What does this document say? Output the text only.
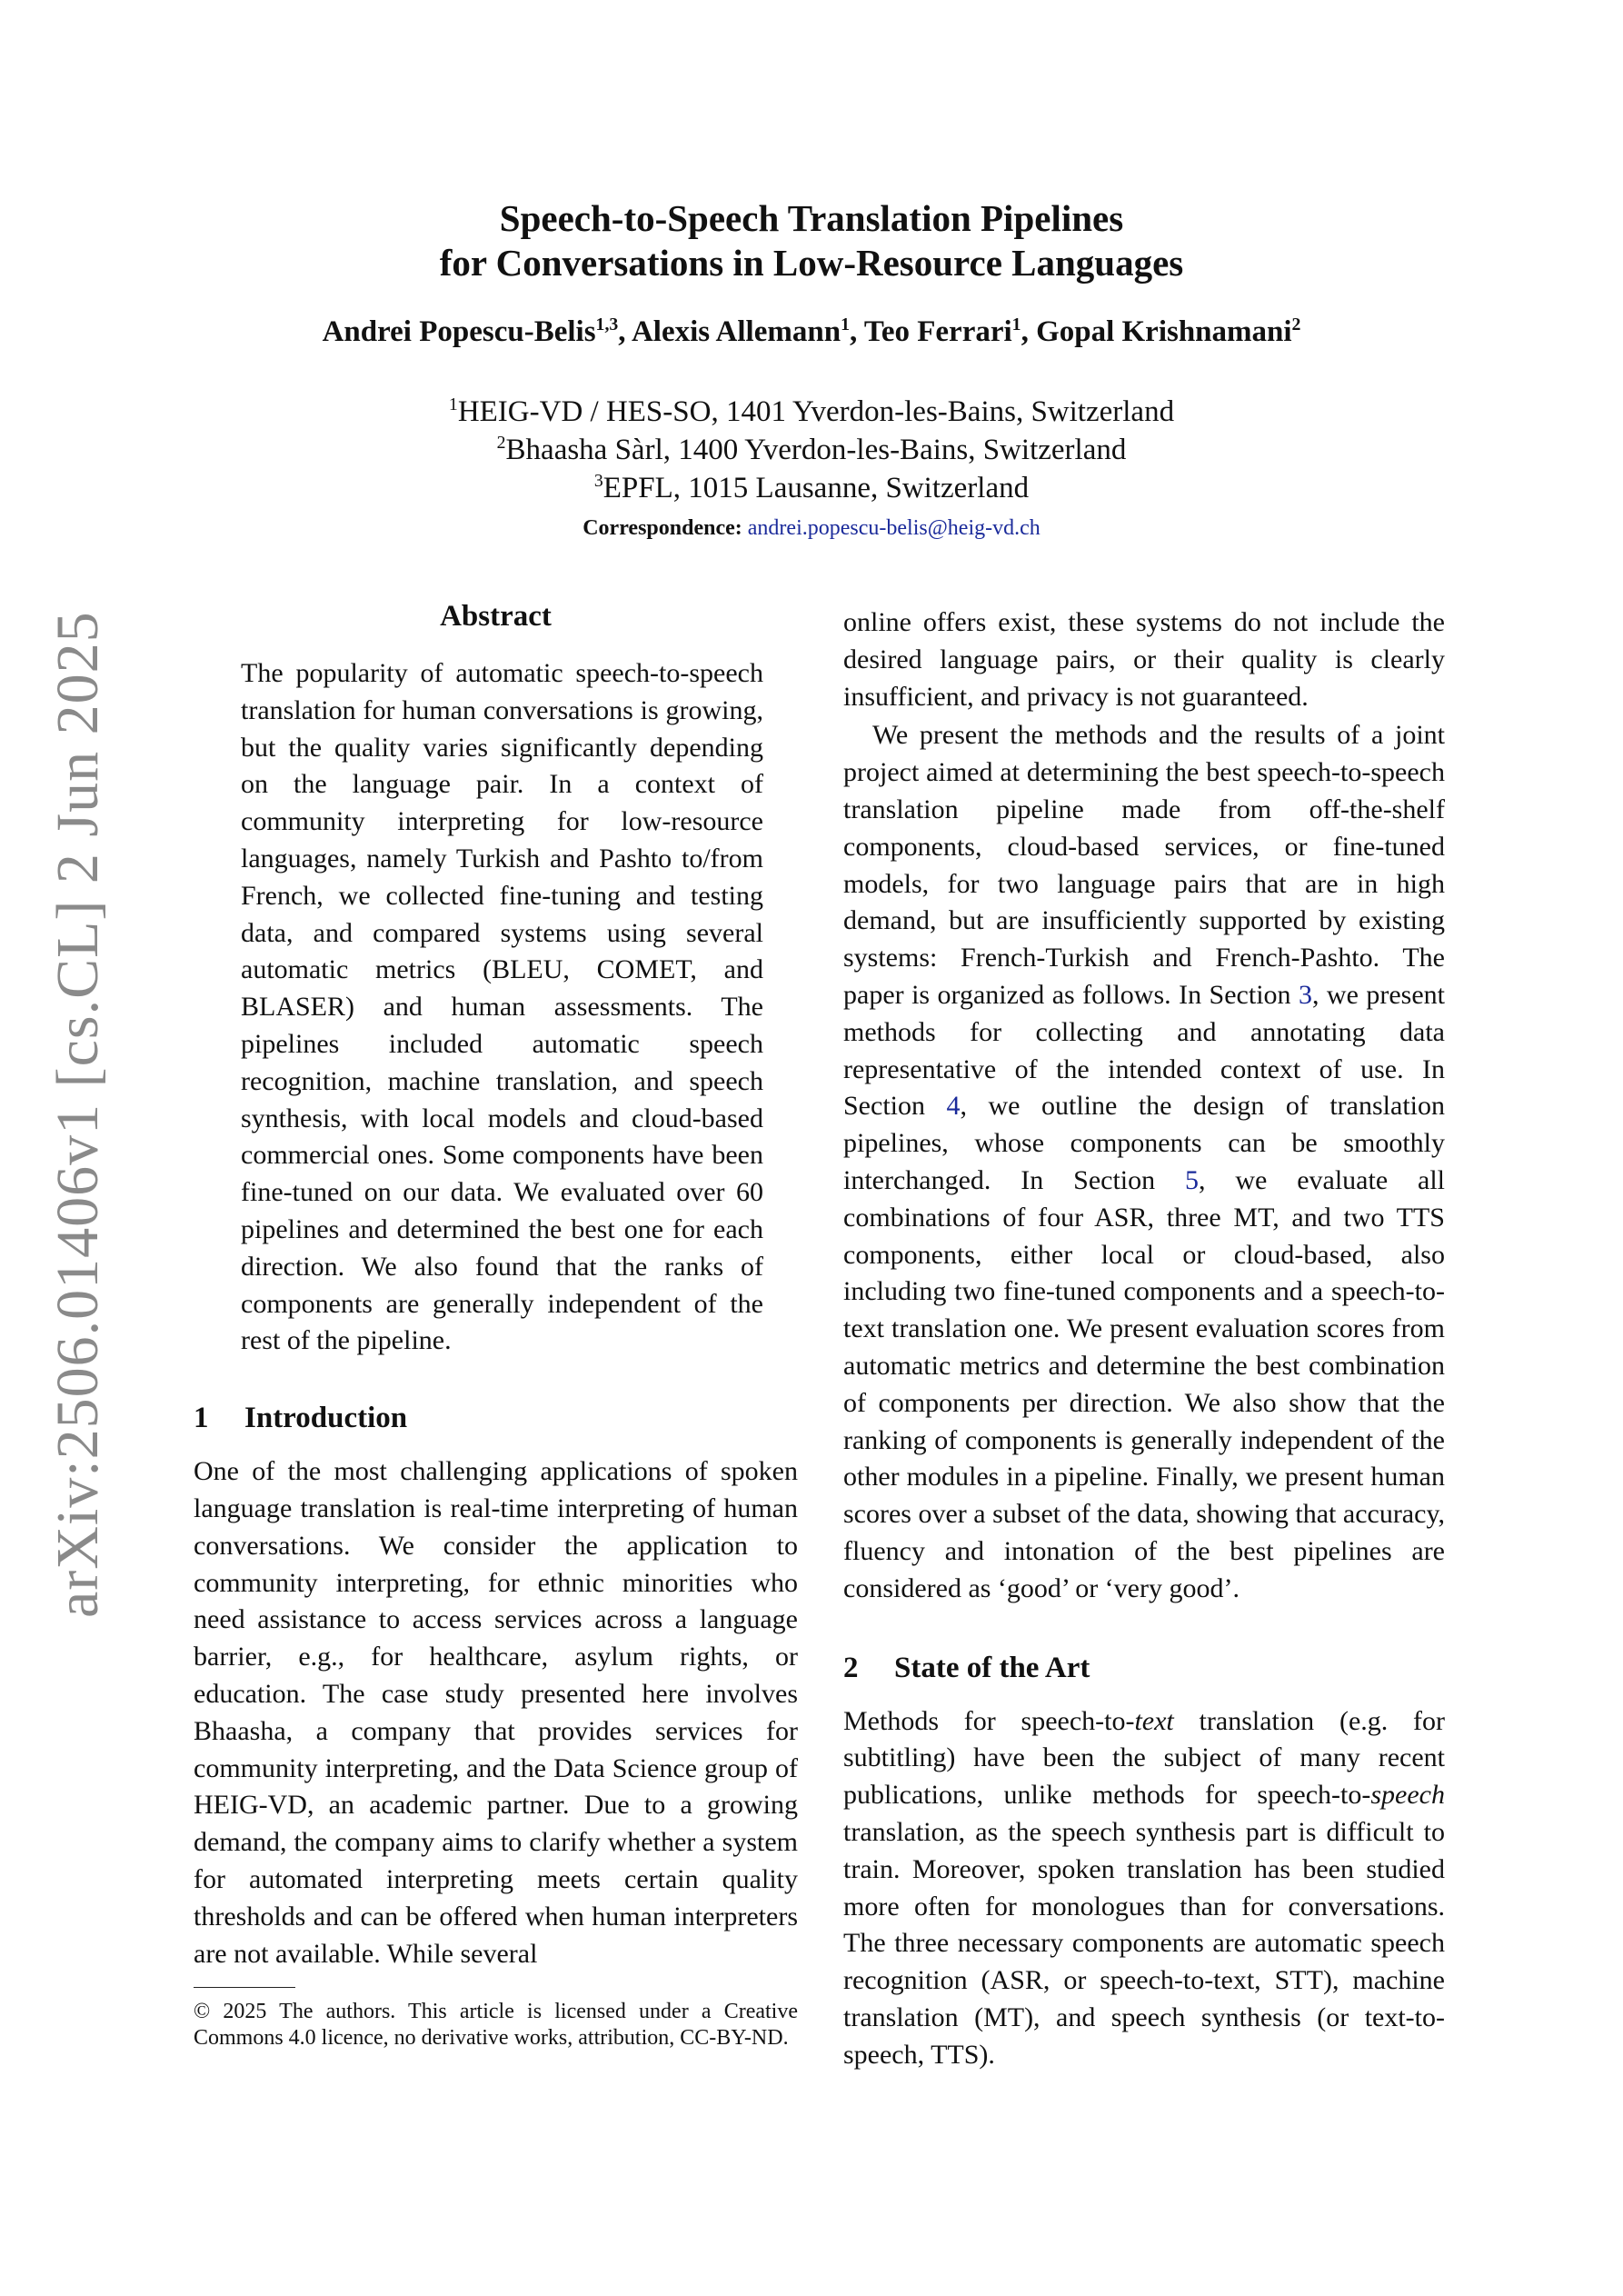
arXiv:2506.01406v1 [cs.CL] 2 Jun 2025
Speech-to-Speech Translation Pipelines
for Conversations in Low-Resource Languages
Andrei Popescu-Belis$^{1,3}$, Alexis Allemann$^1$, Teo Ferrari$^1$, Gopal Krishnamani$^2$
$^1$HEIG-VD / HES-SO, 1401 Yverdon-les-Bains, Switzerland
$^2$Bhaasha Sàrl, 1400 Yverdon-les-Bains, Switzerland
$^3$EPFL, 1015 Lausanne, Switzerland
Correspondence: andrei.popescu-belis@heig-vd.ch
Abstract
The popularity of automatic speech-to-speech translation for human conversations is growing, but the quality varies significantly depending on the language pair. In a context of community interpreting for low-resource languages, namely Turkish and Pashto to/from French, we collected fine-tuning and testing data, and compared systems using several automatic metrics (BLEU, COMET, and BLASER) and human assessments. The pipelines included automatic speech recognition, machine translation, and speech synthesis, with local models and cloud-based commercial ones. Some components have been fine-tuned on our data. We evaluated over 60 pipelines and determined the best one for each direction. We also found that the ranks of components are generally independent of the rest of the pipeline.
1 Introduction

One of the most challenging applications of spoken language translation is real-time interpreting of human conversations. We consider the application to community interpreting, for ethnic minorities who need assistance to access services across a language barrier, e.g., for healthcare, asylum rights, or education. The case study presented here involves Bhaasha, a company that provides services for community interpreting, and the Data Science group of HEIG-VD, an academic partner. Due to a growing demand, the company aims to clarify whether a system for automated interpreting meets certain quality thresholds and can be offered when human interpreters are not available. While several

© 2025 The authors. This article is licensed under a Creative Commons 4.0 licence, no derivative works, attribution, CC-BY-ND.

online offers exist, these systems do not include the desired language pairs, or their quality is clearly insufficient, and privacy is not guaranteed.

We present the methods and the results of a joint project aimed at determining the best speech-to-speech translation pipeline made from off-the-shelf components, cloud-based services, or fine-tuned models, for two language pairs that are in high demand, but are insufficiently supported by existing systems: French-Turkish and French-Pashto. The paper is organized as follows. In Section 3, we present methods for collecting and annotating data representative of the intended context of use. In Section 4, we outline the design of translation pipelines, whose components can be smoothly interchanged. In Section 5, we evaluate all combinations of four ASR, three MT, and two TTS components, either local or cloud-based, also including two fine-tuned components and a speech-to-text translation one. We present evaluation scores from automatic metrics and determine the best combination of components per direction. We also show that the ranking of components is generally independent of the other modules in a pipeline. Finally, we present human scores over a subset of the data, showing that accuracy, fluency and intonation of the best pipelines are considered as ‘good’ or ‘very good’.

2 State of the Art

Methods for speech-to-text translation (e.g. for subtitling) have been the subject of many recent publications, unlike methods for speech-to-speech translation, as the speech synthesis part is difficult to train. Moreover, spoken translation has been studied more often for monologues than for conversations. The three necessary components are automatic speech recognition (ASR, or speech-to-text, STT), machine translation (MT), and speech synthesis (or text-to-speech, TTS).
